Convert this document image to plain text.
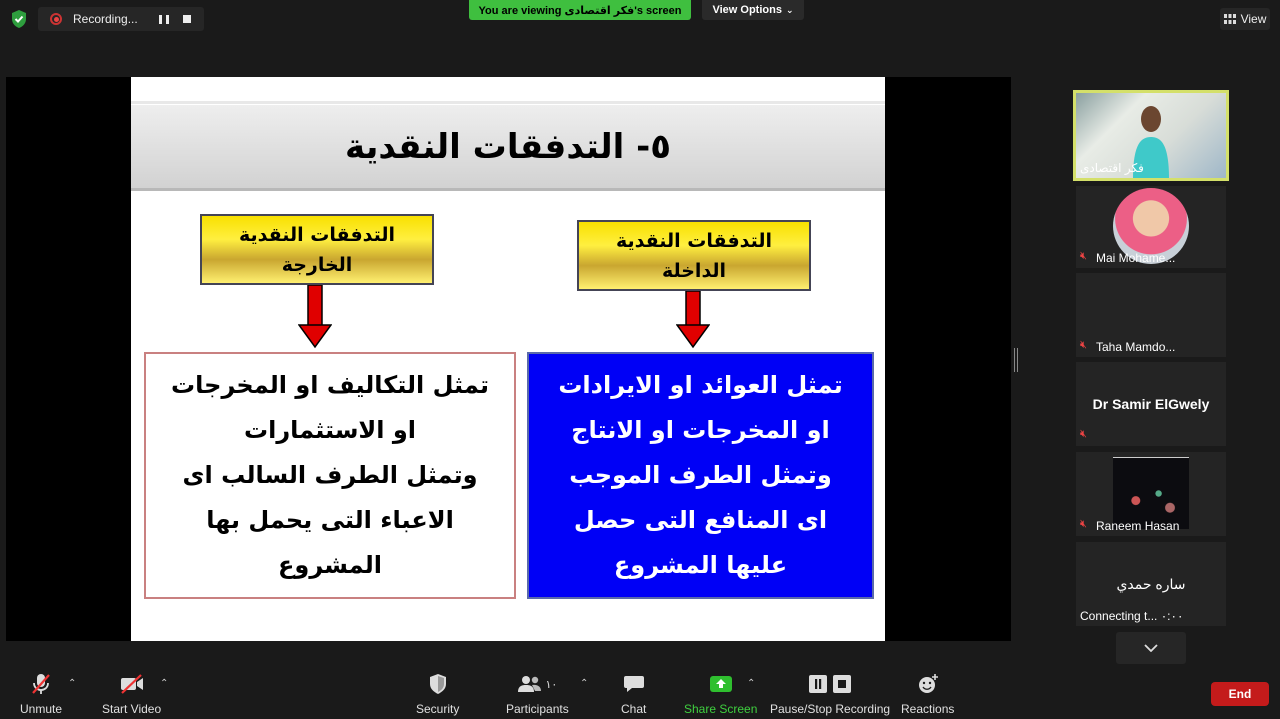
Recording...
You are viewing فكر اقتصادى's screen	View Options ⌄
View
٥- التدفقات النقدية
التدفقات النقدية
الخارجة
التدفقات النقدية
الداخلة
تمثل التكاليف او المخرجات
او الاستثمارات
وتمثل الطرف السالب اى
الاعباء التى يحمل بها
المشروع
تمثل العوائد او الايرادات
او المخرجات او الانتاج
وتمثل الطرف الموجب
اى المنافع التى حصل
عليها المشروع
فكر اقتصادى
🔇︎ Mai Mohame...
🔇︎ Taha Mamdo...
Dr Samir ElGwely
🔇︎
🔇︎ Raneem Hasan
ساره حمدي
Connecting t... ٠:٠٠
Unmute
⌃
Start Video
⌃
Security
١٠
Participants
⌃
Chat	Share Screen
⌃
Pause/Stop Recording Reactions
End
